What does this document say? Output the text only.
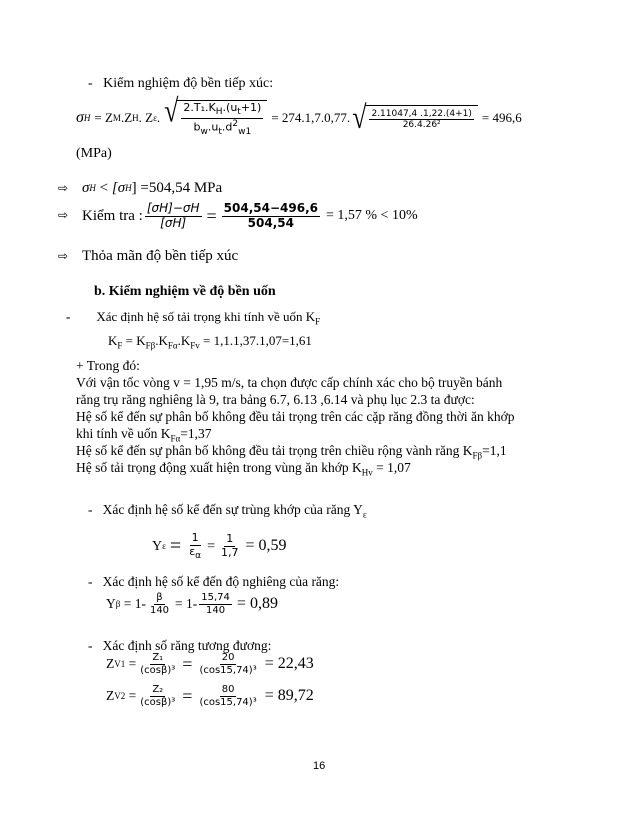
- Kiểm nghiệm độ bền tiếp xúc:
σ H = Z M .Z H . Z ε . √ $\frac{2.T_1.K_H.(u_t+1)}{b_w.u_t.d^2_{w1}} = 274.1,7.0,77$. √ $\frac{2.11047,4 .1,22.(4+1)}{\text{26.4.26²}} = 496,6$
(MPa)
⇨ σ H < [σ H ] =504,54 MPa
⇨ Kiểm tra : $\frac{[\sigma H]-\sigma H}{[\sigma H]} = \frac{504,54-496,6}{504,54} = 1,57$ % < 10%
⇨ Thỏa mãn độ bền tiếp xúc
b. Kiểm nghiệm về độ bền uốn
- Xác định hệ số tải trọng khi tính về uốn $K_F$
$K_F = K_{F\beta}.K_{F\alpha}.K_{Fv} = 1,1.1,37.1,07=1,61$
+ Trong đó:
Với vận tốc vòng v = 1,95 m/s, ta chọn được cấp chính xác cho bộ truyền bánh
răng trụ răng nghiêng là 9, tra bảng 6.7, 6.13 ,6.14 và phụ lục 2.3 ta được:
Hệ số kể đến sự phân bố không đều tải trọng trên các cặp răng đồng thời ăn khớp
khi tính về uốn $K_{F\alpha}=1,37$
Hệ số kể đến sự phân bố không đều tải trọng trên chiều rộng vành răng $K_{F\beta}=1,1$
Hệ số tải trọng động xuất hiện trong vùng ăn khớp $K_{Hv} = 1,07$
- Xác định hệ số kể đến sự trùng khớp của răng $Y_\varepsilon$
Y $\varepsilon = \frac{1}{\varepsilon_\alpha} = \frac{1}{1,7} = 0,59$
- Xác định hệ số kể đến độ nghiêng của răng:
Y $\beta = 1- \frac{\beta}{140} = 1- \frac{15,74}{140} = 0,89$
- Xác định số răng tương đương:
Z $V1 = \frac{\text{Z₁}}{\text{(cosβ)³}} = \frac{20}{\text{(cos15,74)³}} = 22,43$
Z $V2 = \frac{\text{Z₂}}{\text{(cosβ)³}} = \frac{80}{\text{(cos15,74)³}} = 89,72$
16
